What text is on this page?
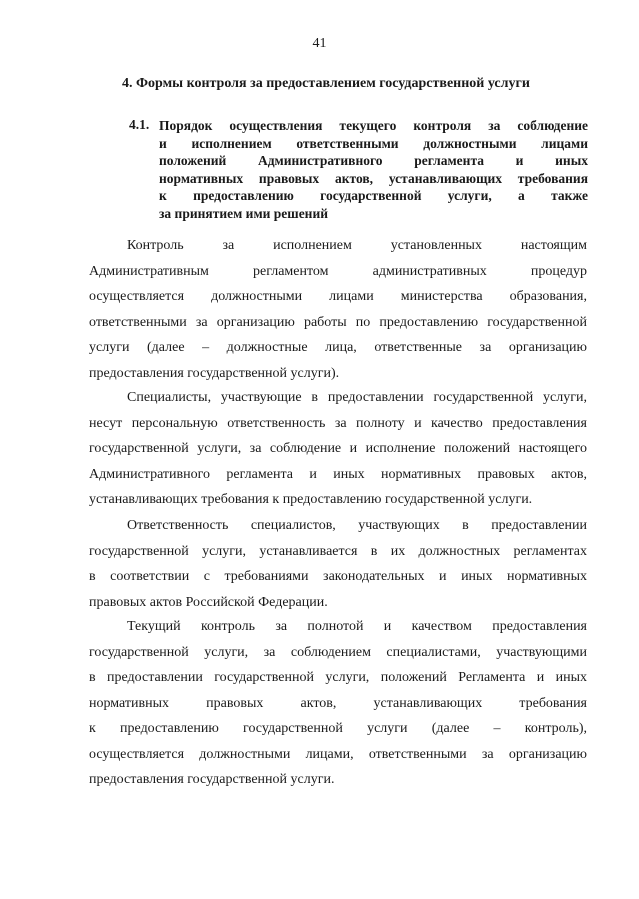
41
4. Формы контроля за предоставлением государственной услуги
4.1. Порядок осуществления текущего контроля за соблюдение
и исполнением ответственными должностными лицами
положений Административного регламента и иных
нормативных правовых актов, устанавливающих требования
к предоставлению государственной услуги, а также
за принятием ими решений
Контроль за исполнением установленных настоящим
Административным регламентом административных процедур
осуществляется должностными лицами министерства образования,
ответственными за организацию работы по предоставлению государственной
услуги (далее – должностные лица, ответственные за организацию
предоставления государственной услуги).
Специалисты, участвующие в предоставлении государственной услуги,
несут персональную ответственность за полноту и качество предоставления
государственной услуги, за соблюдение и исполнение положений настоящего
Административного регламента и иных нормативных правовых актов,
устанавливающих требования к предоставлению государственной услуги.
Ответственность специалистов, участвующих в предоставлении
государственной услуги, устанавливается в их должностных регламентах
в соответствии с требованиями законодательных и иных нормативных
правовых актов Российской Федерации.
Текущий контроль за полнотой и качеством предоставления
государственной услуги, за соблюдением специалистами, участвующими
в предоставлении государственной услуги, положений Регламента и иных
нормативных правовых актов, устанавливающих требования
к предоставлению государственной услуги (далее – контроль),
осуществляется должностными лицами, ответственными за организацию
предоставления государственной услуги.
